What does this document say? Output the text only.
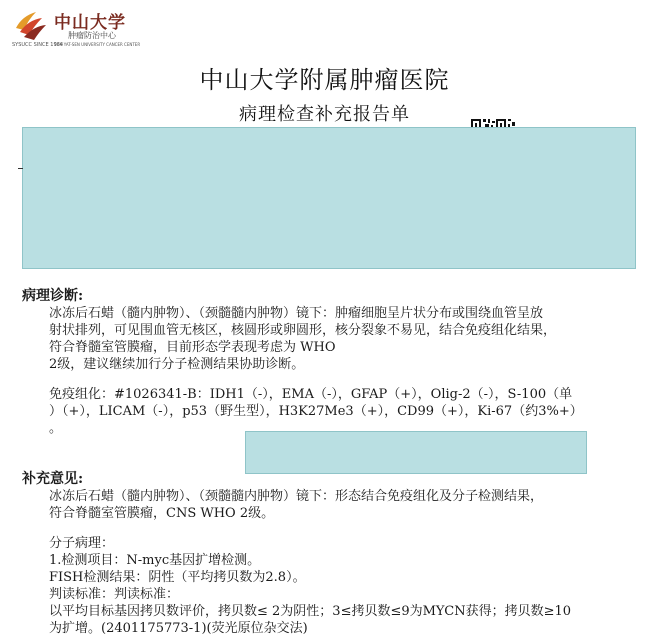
中山大学
肿瘤防治中心
SYSUCC SINCE 1964
SUN YAT-SEN UNIVERSITY CANCER CENTER
中山大学附属肿瘤医院
病理检查补充报告单
病理诊断:
冰冻后石蜡（髓内肿物）、（颈髓髓内肿物）镜下：肿瘤细胞呈片状分布或围绕血管呈放
射状排列，可见围血管无核区，核圆形或卵圆形，核分裂象不易见，结合免疫组化结果，
符合脊髓室管膜瘤，目前形态学表现考虑为 WHO
2级，建议继续加行分子检测结果协助诊断。
免疫组化：#1026341-B：IDH1（-），EMA（-），GFAP（+），Olig-2（-），S-100（单
）（+），LICAM（-），p53（野生型），H3K27Me3（+），CD99（+），Ki-67（约3%+）
。
补充意见:
冰冻后石蜡（髓内肿物）、（颈髓髓内肿物）镜下：形态结合免疫组化及分子检测结果，
符合脊髓室管膜瘤，CNS WHO 2级。
分子病理：
1.检测项目：N-myc基因扩增检测。
FISH检测结果：阴性（平均拷贝数为2.8）。
判读标准：判读标准：
以平均目标基因拷贝数评价，拷贝数≤ 2为阴性；3≤拷贝数≤9为MYCN获得；拷贝数≥10
为扩增。(2401175773-1)(荧光原位杂交法)
